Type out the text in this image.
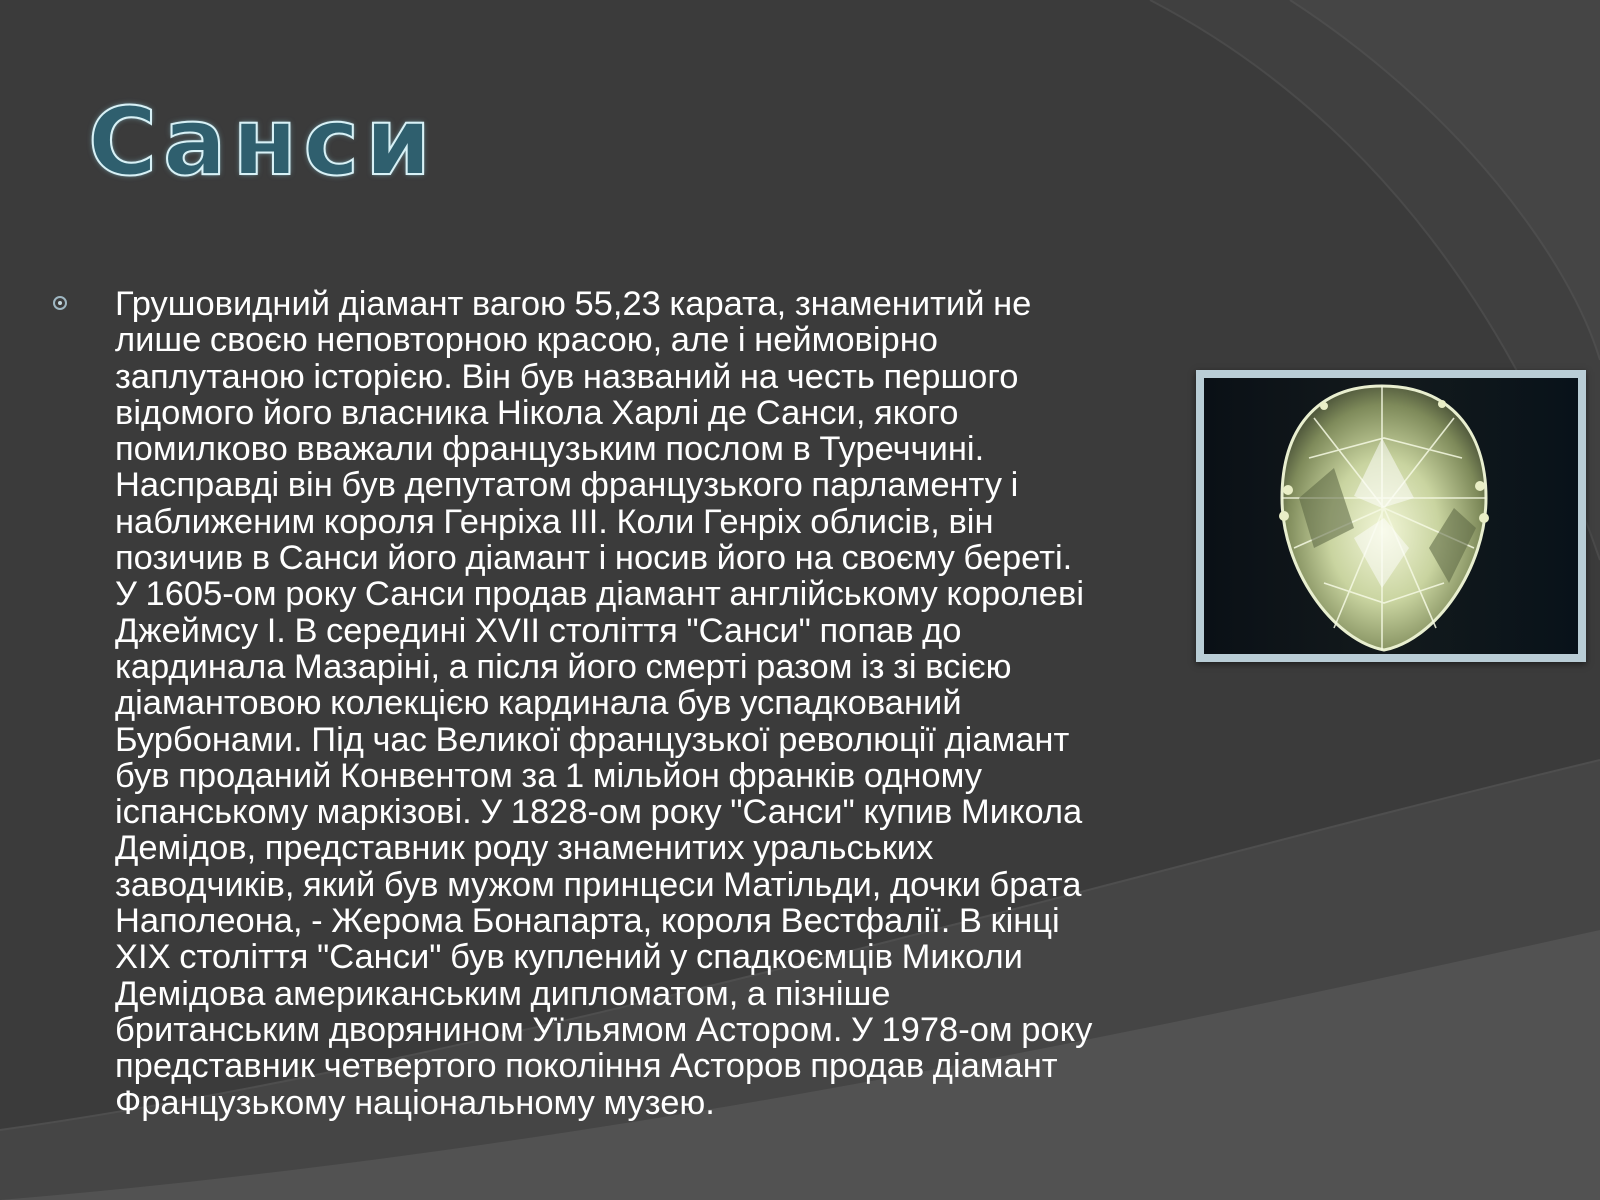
Санси

Грушовидний діамант вагою 55,23 карата, знаменитий не
лише своєю неповторною красою, але і неймовірно
заплутаною історією. Він був названий на честь першого
відомого його власника Нікола Харлі де Санси, якого
помилково вважали французьким послом в Туреччині.
Насправді він був депутатом французького парламенту і
наближеним короля Генріха III. Коли Генріх облисів, він
позичив в Санси його діамант і носив його на своєму береті.
У 1605-ом року Санси продав діамант англійському королеві
Джеймсу I. В середині XVII століття "Санси" попав до
кардинала Мазаріні, а після його смерті разом із зі всією
діамантовою колекцією кардинала був успадкований
Бурбонами. Під час Великої французької революції діамант
був проданий Конвентом за 1 мільйон франків одному
іспанському маркізові. У 1828-ом року "Санси" купив Микола
Демідов, представник роду знаменитих уральських
заводчиків, який був мужом принцеси Матільди, дочки брата
Наполеона, - Жерома Бонапарта, короля Вестфалії. В кінці
XIX століття "Санси" був куплений у спадкоємців Миколи
Демідова американським дипломатом, а пізніше
британським дворянином Уїльямом Астором. У 1978-ом року
представник четвертого покоління Асторов продав діамант
Французькому національному музею.
